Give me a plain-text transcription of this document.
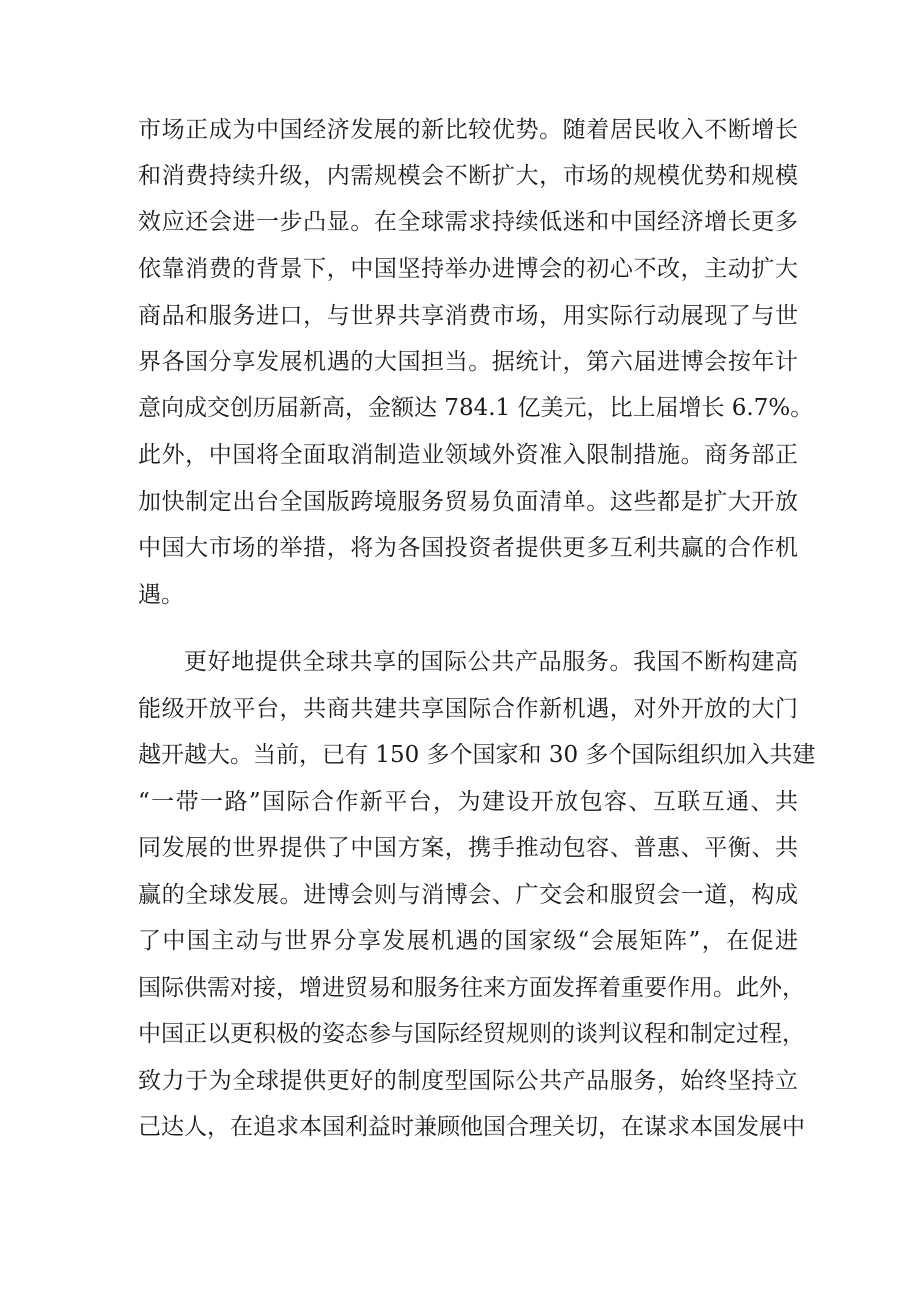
市场正成为中国经济发展的新比较优势。随着居民收入不断增长
和消费持续升级，内需规模会不断扩大，市场的规模优势和规模
效应还会进一步凸显。在全球需求持续低迷和中国经济增长更多
依靠消费的背景下，中国坚持举办进博会的初心不改，主动扩大
商品和服务进口，与世界共享消费市场，用实际行动展现了与世
界各国分享发展机遇的大国担当。据统计，第六届进博会按年计
意向成交创历届新高，金额达 784.1 亿美元，比上届增长 6.7%。
此外，中国将全面取消制造业领域外资准入限制措施。商务部正
加快制定出台全国版跨境服务贸易负面清单。这些都是扩大开放
中国大市场的举措，将为各国投资者提供更多互利共赢的合作机
遇。
更好地提供全球共享的国际公共产品服务。我国不断构建高
能级开放平台，共商共建共享国际合作新机遇，对外开放的大门
越开越大。当前，已有 150 多个国家和 30 多个国际组织加入共建
“一带一路”国际合作新平台，为建设开放包容、互联互通、共
同发展的世界提供了中国方案，携手推动包容、普惠、平衡、共
赢的全球发展。进博会则与消博会、广交会和服贸会一道，构成
了中国主动与世界分享发展机遇的国家级“会展矩阵”，在促进
国际供需对接，增进贸易和服务往来方面发挥着重要作用。此外，
中国正以更积极的姿态参与国际经贸规则的谈判议程和制定过程，
致力于为全球提供更好的制度型国际公共产品服务，始终坚持立
己达人，在追求本国利益时兼顾他国合理关切，在谋求本国发展中
